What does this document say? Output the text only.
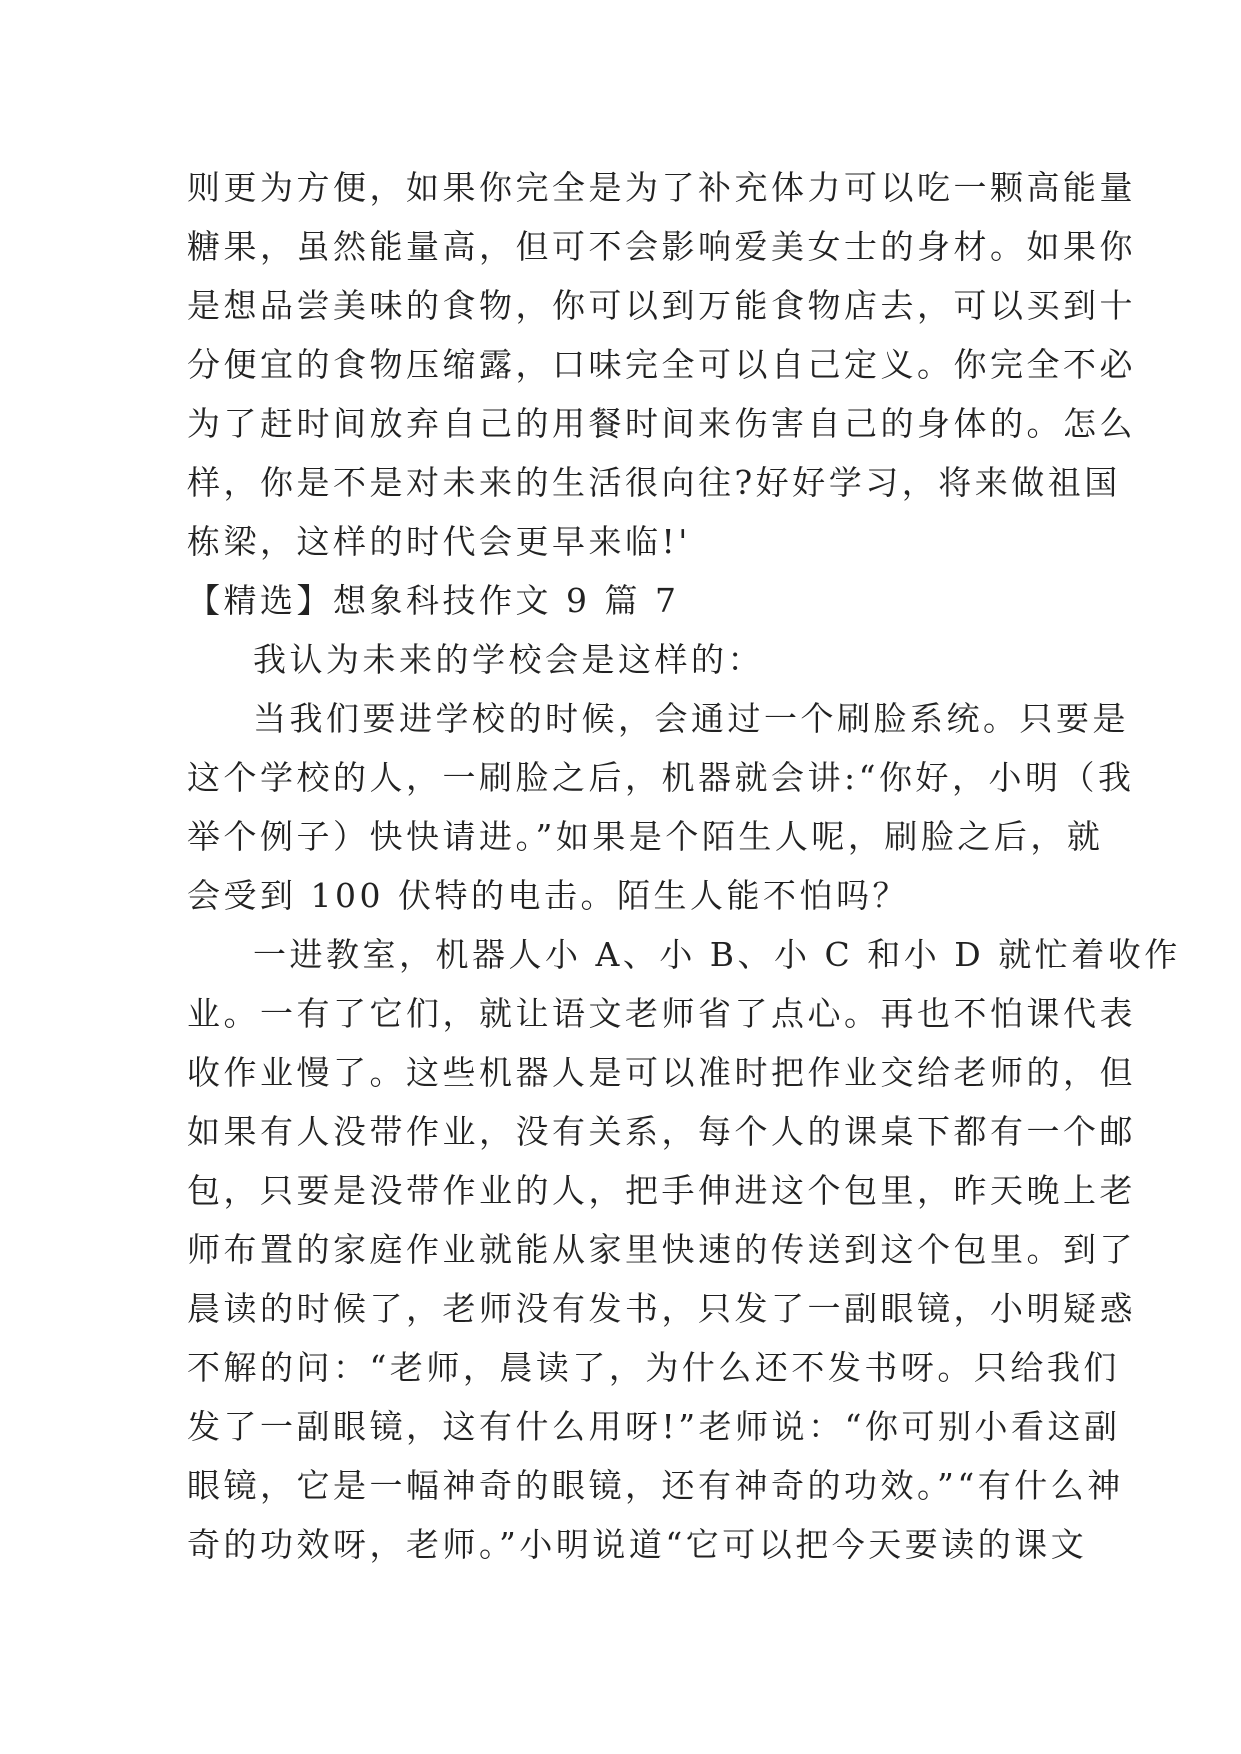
则更为方便，如果你完全是为了补充体力可以吃一颗高能量
糖果，虽然能量高，但可不会影响爱美女士的身材。如果你
是想品尝美味的食物，你可以到万能食物店去，可以买到十
分便宜的食物压缩露，口味完全可以自己定义。你完全不必
为了赶时间放弃自己的用餐时间来伤害自己的身体的。怎么
样，你是不是对未来的生活很向往?好好学习，将来做祖国
栋梁，这样的时代会更早来临!'
【精选】想象科技作文 9 篇 7
我认为未来的学校会是这样的：
当我们要进学校的时候，会通过一个刷脸系统。只要是
这个学校的人，一刷脸之后，机器就会讲:“你好，小明（我
举个例子）快快请进。”如果是个陌生人呢，刷脸之后，就
会受到 100 伏特的电击。陌生人能不怕吗？
一进教室，机器人小 A、小 B、小 C 和小 D 就忙着收作
业。一有了它们，就让语文老师省了点心。再也不怕课代表
收作业慢了。这些机器人是可以准时把作业交给老师的，但
如果有人没带作业，没有关系，每个人的课桌下都有一个邮
包，只要是没带作业的人，把手伸进这个包里，昨天晚上老
师布置的家庭作业就能从家里快速的传送到这个包里。到了
晨读的时候了，老师没有发书，只发了一副眼镜，小明疑惑
不解的问：“老师，晨读了，为什么还不发书呀。只给我们
发了一副眼镜，这有什么用呀!”老师说：“你可别小看这副
眼镜，它是一幅神奇的眼镜，还有神奇的功效。”“有什么神
奇的功效呀，老师。”小明说道“它可以把今天要读的课文
